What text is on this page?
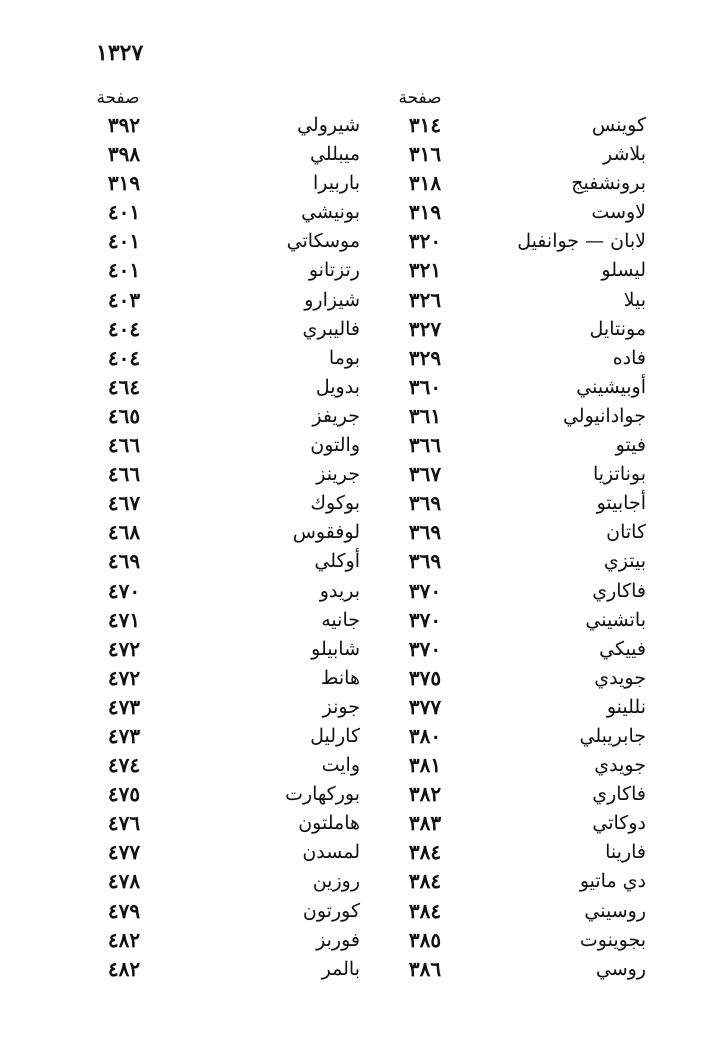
١٣٢٧
صفحة	صفحة
كوينس
٣١٤
شيرولي
٣٩٢
بلاشر
٣١٦
ميبللي
٣٩٨
برونشفيج
٣١٨
باربيرا
٣١٩
لاوست
٣١٩
بونيشي
٤٠١
لابان — جوانفيل
٣٢٠
موسكاتي
٤٠١
ليسلو
٣٢١
رتزتانو
٤٠١
بيلا
٣٢٦
شيزارو
٤٠٣
مونتايل
٣٢٧
فاليبري
٤٠٤
فاده
٣٢٩
بوما
٤٠٤
أوبيشيني
٣٦٠
بدويل
٤٦٤
جوادانيولي
٣٦١
جريفز
٤٦٥
فيتو
٣٦٦
والتون
٤٦٦
بوناتزيا
٣٦٧
جرينز
٤٦٦
أجابيتو
٣٦٩
بوكوك
٤٦٧
كاتان
٣٦٩
لوفقوس
٤٦٨
بيتزي
٣٦٩
أوكلي
٤٦٩
فاكاري
٣٧٠
بريدو
٤٧٠
باتشيني
٣٧٠
جانيه
٤٧١
فييكي
٣٧٠
شابيلو
٤٧٢
جويدي
٣٧٥
هانط
٤٧٢
نللينو
٣٧٧
جونز
٤٧٣
جابريبلي
٣٨٠
كارليل
٤٧٣
جويدي
٣٨١
وايت
٤٧٤
فاكاري
٣٨٢
بوركهارت
٤٧٥
دوكاتي
٣٨٣
هاملتون
٤٧٦
فارينا
٣٨٤
لمسدن
٤٧٧
دي ماتيو
٣٨٤
روزين
٤٧٨
روسيني
٣٨٤
كورتون
٤٧٩
بجوينوت
٣٨٥
فوربز
٤٨٢
روسي
٣٨٦
بالمر
٤٨٢
